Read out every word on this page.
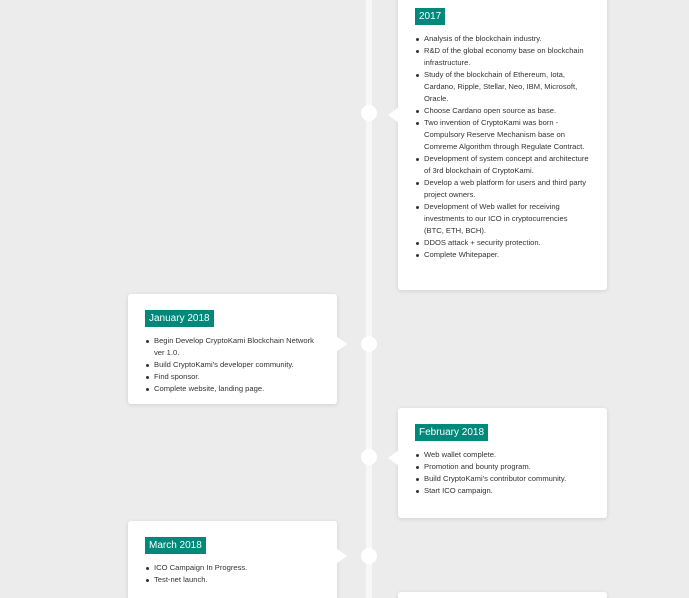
2017
Analysis of the blockchain industry.
R&D of the global economy base on blockchain infrastructure.
Study of the blockchain of Ethereum, Iota, Cardano, Ripple, Stellar, Neo, IBM, Microsoft, Oracle.
Choose Cardano open source as base.
Two invention of CryptoKami was born - Compulsory Reserve Mechanism base on Comreme Algorithm through Regulate Contract.
Development of system concept and architecture of 3rd blockchain of CryptoKami.
Develop a web platform for users and third party project owners.
Development of Web wallet for receiving investments to our ICO in cryptocurrencies (BTC, ETH, BCH).
DDOS attack + security protection.
Complete Whitepaper.
January 2018
Begin Develop CryptoKami Blockchain Network ver 1.0.
Build CryptoKami's developer community.
Find sponsor.
Complete website, landing page.
February 2018
Web wallet complete.
Promotion and bounty program.
Build CryptoKami's contributor community.
Start ICO campaign.
March 2018
ICO Campaign In Progress.
Test-net launch.
